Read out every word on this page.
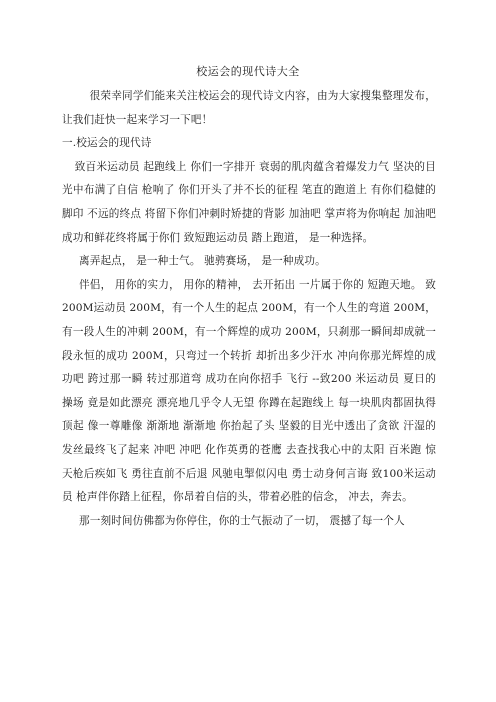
校运会的现代诗大全

很荣幸同学们能来关注校运会的现代诗文内容，由为大家搜集整理发布，让我们赶快一起来学习一下吧！

一.校运会的现代诗

致百米运动员 起跑线上 你们一字排开 衰弱的肌肉蕴含着爆发力气 坚决的目光中布满了自信 枪响了 你们开头了并不长的征程 笔直的跑道上 有你们稳健的脚印 不远的终点 将留下你们冲刺时矫捷的背影 加油吧 掌声将为你响起 加油吧 成功和鲜花终将属于你们 致短跑运动员 踏上跑道， 是一种选择。

离弄起点， 是一种士气。 驰骋赛场， 是一种成功。

伴侣， 用你的实力， 用你的精神， 去开拓出 一片属于你的 短跑天地。 致200M运动员 200M，有一个人生的起点 200M，有一个人生的弯道 200M，有一段人生的冲刺 200M，有一个辉煌的成功 200M，只刹那一瞬间却成就一段永恒的成功 200M，只弯过一个转折 却折出多少汗水 冲向你那光辉煌的成功吧 跨过那一瞬 转过那道弯 成功在向你招手 飞行 --致200 米运动员 夏日的操场 竟是如此漂亮 漂亮地几乎令人无望 你蹲在起跑线上 每一块肌肉都固执得顶起 像一尊雕像 渐渐地 渐渐地 你抬起了头 坚毅的目光中透出了贪欲 汗湿的发丝最终飞了起来 冲吧 冲吧 化作英勇的苍鹰 去查找我心中的太阳 百米跑 惊天枪后疾如飞 勇往直前不后退 风驰电掣似闪电 勇士动身何言诲 致100米运动员 枪声伴你踏上征程，你昂着自信的头，带着必胜的信念， 冲去，奔去。

那一刻时间仿佛都为你停住，你的士气振动了一切， 震撼了每一个人
